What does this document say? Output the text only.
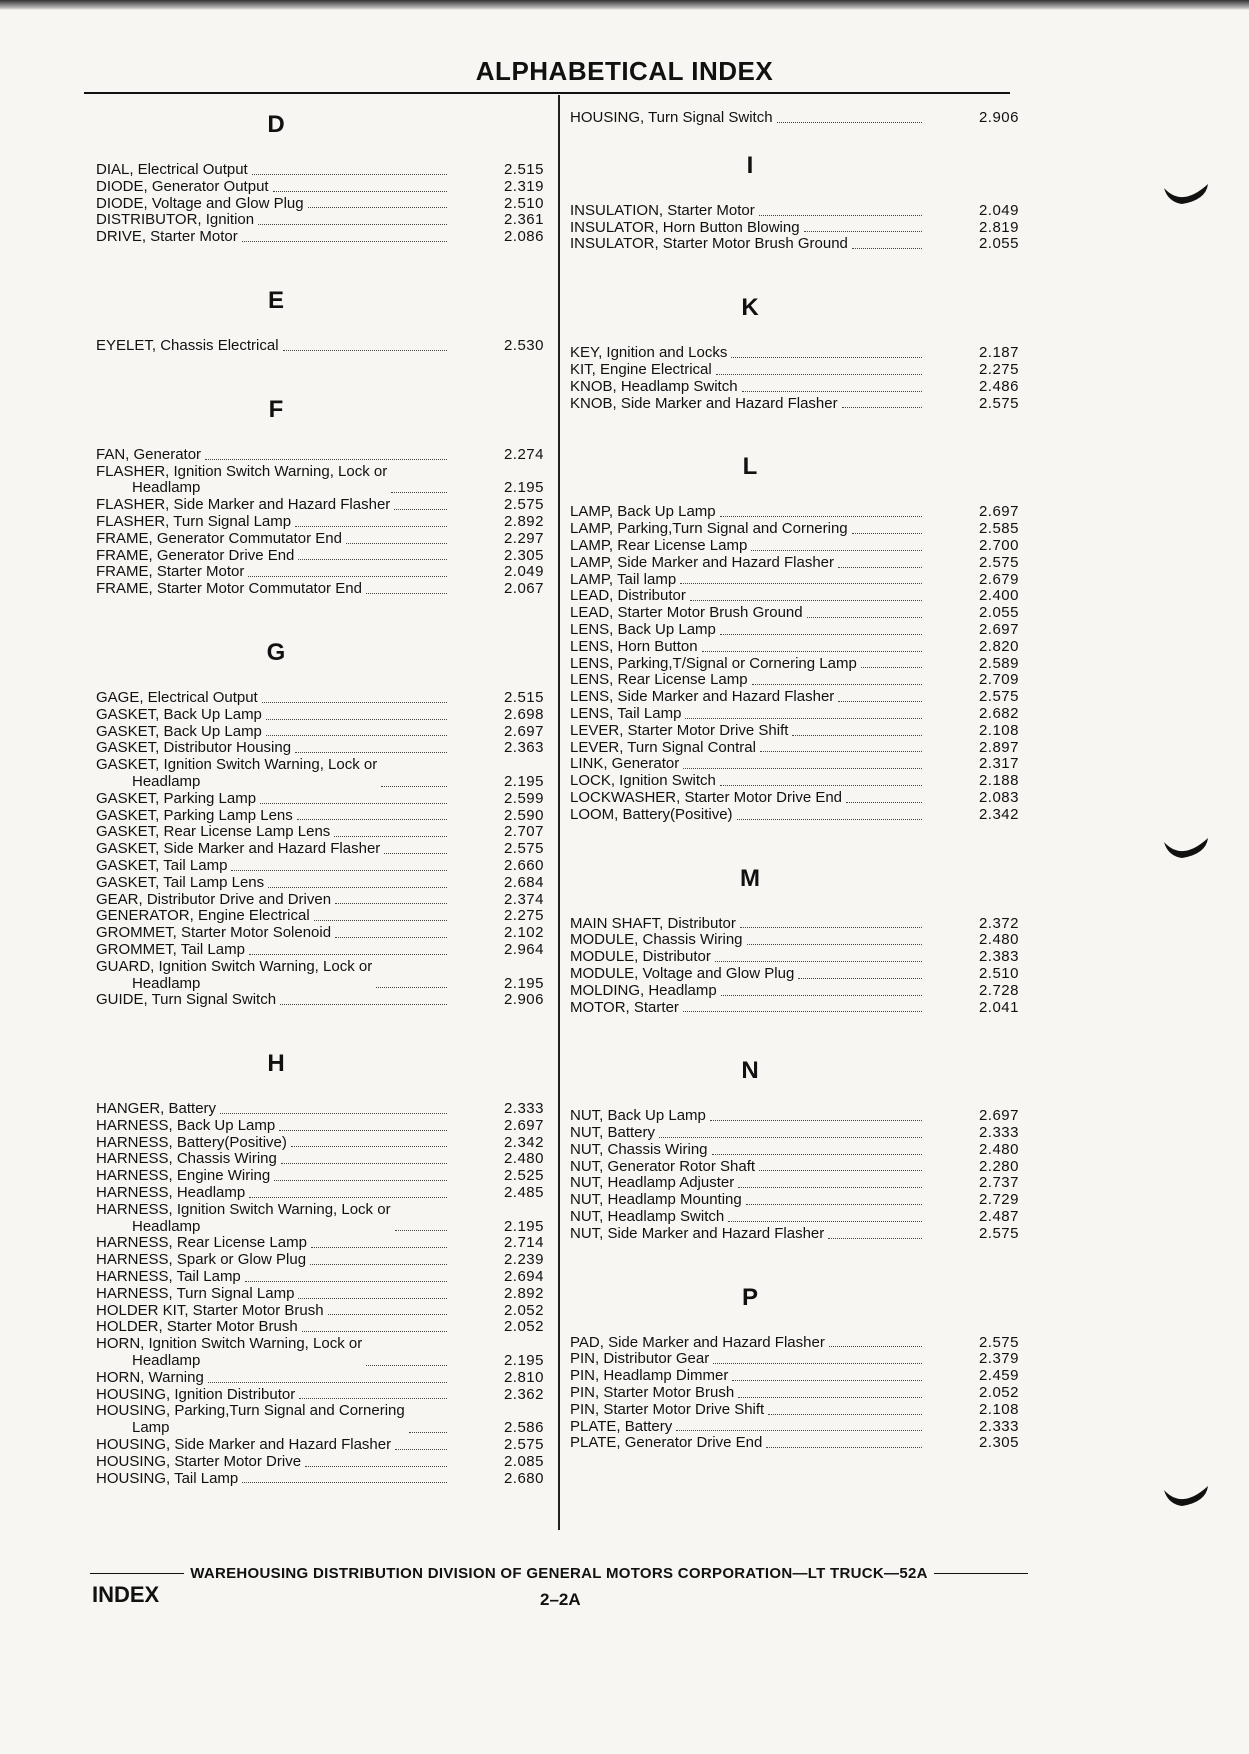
ALPHABETICAL INDEX
D
DIAL, Electrical Output	2.515
DIODE, Generator Output	2.319
DIODE, Voltage and Glow Plug	2.510
DISTRIBUTOR, Ignition	2.361
DRIVE, Starter Motor	2.086
E
EYELET, Chassis Electrical	2.530
F
FAN, Generator	2.274
FLASHER, Ignition Switch Warning, Lock or
Headlamp	2.195
FLASHER, Side Marker and Hazard Flasher	2.575
FLASHER, Turn Signal Lamp	2.892
FRAME, Generator Commutator End	2.297
FRAME, Generator Drive End	2.305
FRAME, Starter Motor	2.049
FRAME, Starter Motor Commutator End	2.067
G
GAGE, Electrical Output	2.515
GASKET, Back Up Lamp	2.698
GASKET, Back Up Lamp	2.697
GASKET, Distributor Housing	2.363
GASKET, Ignition Switch Warning, Lock or
Headlamp	2.195
GASKET, Parking Lamp	2.599
GASKET, Parking Lamp Lens	2.590
GASKET, Rear License Lamp Lens	2.707
GASKET, Side Marker and Hazard Flasher	2.575
GASKET, Tail Lamp	2.660
GASKET, Tail Lamp Lens	2.684
GEAR, Distributor Drive and Driven	2.374
GENERATOR, Engine Electrical	2.275
GROMMET, Starter Motor Solenoid	2.102
GROMMET, Tail Lamp	2.964
GUARD, Ignition Switch Warning, Lock or
Headlamp	2.195
GUIDE, Turn Signal Switch	2.906
H
HANGER, Battery	2.333
HARNESS, Back Up Lamp	2.697
HARNESS, Battery(Positive)	2.342
HARNESS, Chassis Wiring	2.480
HARNESS, Engine Wiring	2.525
HARNESS, Headlamp	2.485
HARNESS, Ignition Switch Warning, Lock or
Headlamp	2.195
HARNESS, Rear License Lamp	2.714
HARNESS, Spark or Glow Plug	2.239
HARNESS, Tail Lamp	2.694
HARNESS, Turn Signal Lamp	2.892
HOLDER KIT, Starter Motor Brush	2.052
HOLDER, Starter Motor Brush	2.052
HORN, Ignition Switch Warning, Lock or
Headlamp	2.195
HORN, Warning	2.810
HOUSING, Ignition Distributor	2.362
HOUSING, Parking,Turn Signal and Cornering
Lamp	2.586
HOUSING, Side Marker and Hazard Flasher	2.575
HOUSING, Starter Motor Drive	2.085
HOUSING, Tail Lamp	2.680
HOUSING, Turn Signal Switch	2.906
I
INSULATION, Starter Motor	2.049
INSULATOR, Horn Button Blowing	2.819
INSULATOR, Starter Motor Brush Ground	2.055
K
KEY, Ignition and Locks	2.187
KIT, Engine Electrical	2.275
KNOB, Headlamp Switch	2.486
KNOB, Side Marker and Hazard Flasher	2.575
L
LAMP, Back Up Lamp	2.697
LAMP, Parking,Turn Signal and Cornering	2.585
LAMP, Rear License Lamp	2.700
LAMP, Side Marker and Hazard Flasher	2.575
LAMP, Tail lamp	2.679
LEAD, Distributor	2.400
LEAD, Starter Motor Brush Ground	2.055
LENS, Back Up Lamp	2.697
LENS, Horn Button	2.820
LENS, Parking,T/Signal or Cornering Lamp	2.589
LENS, Rear License Lamp	2.709
LENS, Side Marker and Hazard Flasher	2.575
LENS, Tail Lamp	2.682
LEVER, Starter Motor Drive Shift	2.108
LEVER, Turn Signal Contral	2.897
LINK, Generator	2.317
LOCK, Ignition Switch	2.188
LOCKWASHER, Starter Motor Drive End	2.083
LOOM, Battery(Positive)	2.342
M
MAIN SHAFT, Distributor	2.372
MODULE, Chassis Wiring	2.480
MODULE, Distributor	2.383
MODULE, Voltage and Glow Plug	2.510
MOLDING, Headlamp	2.728
MOTOR, Starter	2.041
N
NUT, Back Up Lamp	2.697
NUT, Battery	2.333
NUT, Chassis Wiring	2.480
NUT, Generator Rotor Shaft	2.280
NUT, Headlamp Adjuster	2.737
NUT, Headlamp Mounting	2.729
NUT, Headlamp Switch	2.487
NUT, Side Marker and Hazard Flasher	2.575
P
PAD, Side Marker and Hazard Flasher	2.575
PIN, Distributor Gear	2.379
PIN, Headlamp Dimmer	2.459
PIN, Starter Motor Brush	2.052
PIN, Starter Motor Drive Shift	2.108
PLATE, Battery	2.333
PLATE, Generator Drive End	2.305
WAREHOUSING DISTRIBUTION DIVISION OF GENERAL MOTORS CORPORATION—LT TRUCK—52A
INDEX	2–2A
